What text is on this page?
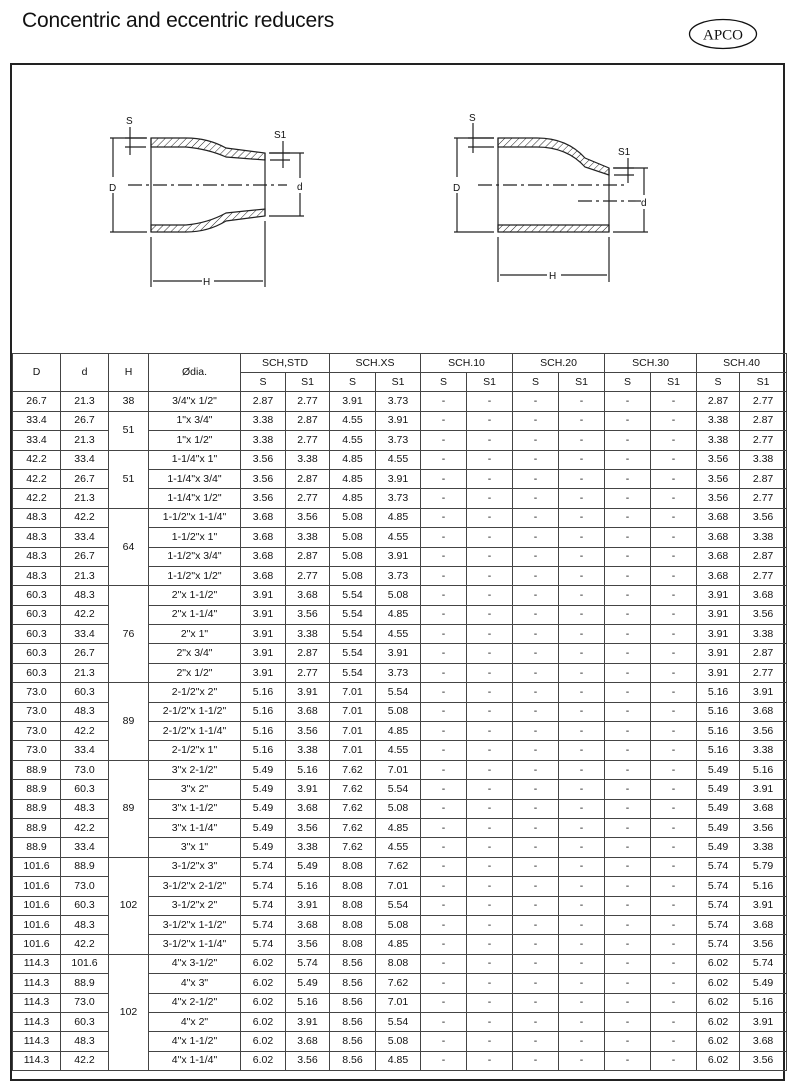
Concentric and eccentric reducers
APCO
D	d
S
S1
H
D
d
S
S1
H
D	d	H	Ødia.	SCH,STD		SCH.XS		SCH.10		SCH.20		SCH.30		SCH.40	
				S	S1	S	S1	S	S1	S	S1	S	S1	S	S1
26.7	21.3	38	3/4"x 1/2"	2.87	2.77	3.91	3.73	-	-	-	-	-	-	2.87	2.77
33.4	26.7	51	1"x 3/4"	3.38	2.87	4.55	3.91	-	-	-	-	-	-	3.38	2.87
33.4	21.3		1"x 1/2"	3.38	2.77	4.55	3.73	-	-	-	-	-	-	3.38	2.77
42.2	33.4	51	1-1/4"x 1"	3.56	3.38	4.85	4.55	-	-	-	-	-	-	3.56	3.38
42.2	26.7		1-1/4"x 3/4"	3.56	2.87	4.85	3.91	-	-	-	-	-	-	3.56	2.87
42.2	21.3		1-1/4"x 1/2"	3.56	2.77	4.85	3.73	-	-	-	-	-	-	3.56	2.77
48.3	42.2	64	1-1/2"x 1-1/4"	3.68	3.56	5.08	4.85	-	-	-	-	-	-	3.68	3.56
48.3	33.4		1-1/2"x 1"	3.68	3.38	5.08	4.55	-	-	-	-	-	-	3.68	3.38
48.3	26.7		1-1/2"x 3/4"	3.68	2.87	5.08	3.91	-	-	-	-	-	-	3.68	2.87
48.3	21.3		1-1/2"x 1/2"	3.68	2.77	5.08	3.73	-	-	-	-	-	-	3.68	2.77
60.3	48.3	76	2"x 1-1/2"	3.91	3.68	5.54	5.08	-	-	-	-	-	-	3.91	3.68
60.3	42.2		2"x 1-1/4"	3.91	3.56	5.54	4.85	-	-	-	-	-	-	3.91	3.56
60.3	33.4		2"x 1"	3.91	3.38	5.54	4.55	-	-	-	-	-	-	3.91	3.38
60.3	26.7		2"x 3/4"	3.91	2.87	5.54	3.91	-	-	-	-	-	-	3.91	2.87
60.3	21.3		2"x 1/2"	3.91	2.77	5.54	3.73	-	-	-	-	-	-	3.91	2.77
73.0	60.3	89	2-1/2"x 2"	5.16	3.91	7.01	5.54	-	-	-	-	-	-	5.16	3.91
73.0	48.3		2-1/2"x 1-1/2"	5.16	3.68	7.01	5.08	-	-	-	-	-	-	5.16	3.68
73.0	42.2		2-1/2"x 1-1/4"	5.16	3.56	7.01	4.85	-	-	-	-	-	-	5.16	3.56
73.0	33.4		2-1/2"x 1"	5.16	3.38	7.01	4.55	-	-	-	-	-	-	5.16	3.38
88.9	73.0	89	3"x 2-1/2"	5.49	5.16	7.62	7.01	-	-	-	-	-	-	5.49	5.16
88.9	60.3		3"x 2"	5.49	3.91	7.62	5.54	-	-	-	-	-	-	5.49	3.91
88.9	48.3		3"x 1-1/2"	5.49	3.68	7.62	5.08	-	-	-	-	-	-	5.49	3.68
88.9	42.2		3"x 1-1/4"	5.49	3.56	7.62	4.85	-	-	-	-	-	-	5.49	3.56
88.9	33.4		3"x 1"	5.49	3.38	7.62	4.55	-	-	-	-	-	-	5.49	3.38
101.6	88.9	102	3-1/2"x 3"	5.74	5.49	8.08	7.62	-	-	-	-	-	-	5.74	5.79
101.6	73.0		3-1/2"x 2-1/2"	5.74	5.16	8.08	7.01	-	-	-	-	-	-	5.74	5.16
101.6	60.3		3-1/2"x 2"	5.74	3.91	8.08	5.54	-	-	-	-	-	-	5.74	3.91
101.6	48.3		3-1/2"x 1-1/2"	5.74	3.68	8.08	5.08	-	-	-	-	-	-	5.74	3.68
101.6	42.2		3-1/2"x 1-1/4"	5.74	3.56	8.08	4.85	-	-	-	-	-	-	5.74	3.56
114.3	101.6	102	4"x 3-1/2"	6.02	5.74	8.56	8.08	-	-	-	-	-	-	6.02	5.74
114.3	88.9		4"x 3"	6.02	5.49	8.56	7.62	-	-	-	-	-	-	6.02	5.49
114.3	73.0		4"x 2-1/2"	6.02	5.16	8.56	7.01	-	-	-	-	-	-	6.02	5.16
114.3	60.3		4"x 2"	6.02	3.91	8.56	5.54	-	-	-	-	-	-	6.02	3.91
114.3	48.3		4"x 1-1/2"	6.02	3.68	8.56	5.08	-	-	-	-	-	-	6.02	3.68
114.3	42.2		4"x 1-1/4"	6.02	3.56	8.56	4.85	-	-	-	-	-	-	6.02	3.56
